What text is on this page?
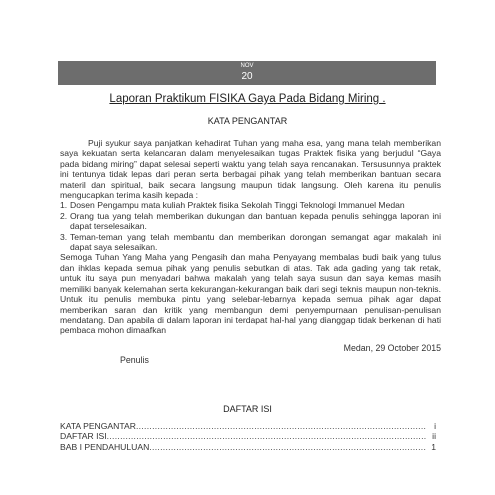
NOV
20
Laporan Praktikum FISIKA Gaya Pada Bidang Miring .
KATA PENGANTAR

Puji syukur saya panjatkan kehadirat Tuhan yang maha esa, yang mana telah memberikan saya kekuatan serta kelancaran dalam menyelesaikan tugas Praktek fisika yang berjudul “Gaya pada bidang miring” dapat selesai seperti waktu yang telah saya rencanakan. Tersusunnya praktek ini tentunya tidak lepas dari peran serta berbagai pihak yang telah memberikan bantuan secara materil dan spiritual, baik secara langsung maupun tidak langsung. Oleh karena itu penulis mengucapkan terima kasih kepada :

1. Dosen Pengampu mata kuliah Praktek fisika Sekolah Tinggi Teknologi Immanuel Medan
2. Orang tua yang telah memberikan dukungan dan bantuan kepada penulis sehingga laporan ini dapat terselesaikan.
3. Teman-teman yang telah membantu dan memberikan dorongan semangat agar makalah ini dapat saya selesaikan.

Semoga Tuhan Yang Maha yang Pengasih dan maha Penyayang membalas budi baik yang tulus dan ihklas kepada semua pihak yang penulis sebutkan di atas. Tak ada gading yang tak retak, untuk itu saya pun menyadari bahwa makalah yang telah saya susun dan saya kemas masih memiliki banyak kelemahan serta kekurangan-kekurangan baik dari segi teknis maupun non-teknis. Untuk itu penulis membuka pintu yang selebar-lebarnya kepada semua pihak agar dapat memberikan saran dan kritik yang membangun demi penyempurnaan penulisan-penulisan mendatang. Dan apabila di dalam laporan ini terdapat hal-hal yang dianggap tidak berkenan di hati pembaca mohon dimaafkan

Medan, 29 October 2015
Penulis
DAFTAR ISI
KATA PENGANTAR .....	i
DAFTAR ISI .....	ii
BAB I PENDAHULUAN .....	1
